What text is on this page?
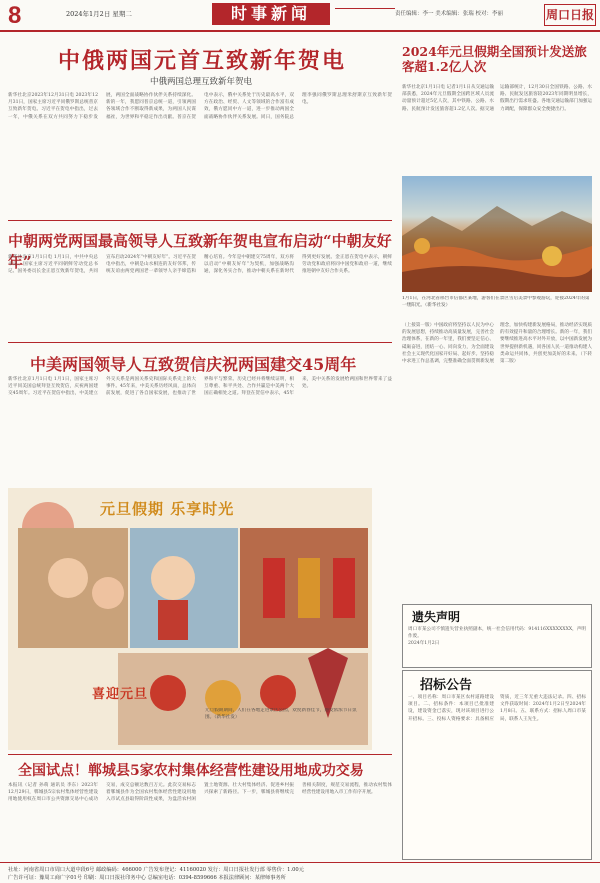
8	2024年1月2日 星期二	时事新闻	责任编辑：李一 美术编辑：张瑞 校对：李丽	周口日报
中俄两国元首互致新年贺电
中俄两国总理互致新年贺电
新华社北京2023年12月31日电 2023年12月31日，国家主席习近平同俄罗斯总统普京互致新年贺电。习近平在贺电中指出，过去一年，中俄关系在双方共同努力下稳步发展，两国全面战略协作伙伴关系持续深化。新的一年，我愿同普京总统一道，引领两国各领域合作不断取得新成果，为两国人民谋福祉，为世界和平稳定作出贡献。普京在贺电中表示，俄中关系处于历史最高水平，双方在政治、经贸、人文等领域的合作富有成效，俄方愿同中方一道，进一步推动两国全面战略协作伙伴关系发展。同日，国务院总理李强同俄罗斯总理米舒斯京互致新年贺电。
中朝两党两国最高领导人互致新年贺电宣布启动“中朝友好年”
新华社北京1月1日电 1月1日，中共中央总书记、国家主席习近平同朝鲜劳动党总书记、国务委员长金正恩互致新年贺电，共同宣布启动2024年“中朝友好年”。习近平在贺电中指出，中朝是山水相连的友好邻邦，传统友谊由两党两国老一辈领导人亲手缔造和精心培育。今年是中朝建交75周年，双方将以启动“中朝友好年”为契机，加强战略沟通，深化务实合作，推动中朝关系在新时代得到更好发展。金正恩在贺电中表示，朝鲜劳动党和政府将同中国党和政府一道，继续推进朝中友好合作关系。
中美两国领导人互致贺信庆祝两国建交45周年
新华社北京1月1日电 1月1日，国家主席习近平同美国总统拜登互致贺信，庆祝两国建交45周年。习近平在贺信中指出，中美建立外交关系是两国关系史和国际关系史上的大事件。45年来，中美关系历经风雨，总体向前发展，促进了各自国家发展，也推动了世界和平与繁荣。历史已经并将继续证明，相互尊重、和平共处、合作共赢是中美两个大国正确相处之道。拜登在贺信中表示，45年来，美中关系的发展给两国和世界带来了益处。
2024年元旦假期全国预计发送旅客超1.2亿人次
新华社北京1月1日电 记者1月1日从交通运输部获悉，2024年元旦假期全国跨区域人员流动量预计超过5亿人次，其中铁路、公路、水路、民航预计发送旅客超1.2亿人次。据交通运输部统计，12月30日全国铁路、公路、水路、民航发送旅客较2023年同期明显增长，假期出行需求旺盛。各地交通运输部门加强运力调配，保障群众安全便捷出行。
1月1日，在河北省邢台市信都区某地，游客们在景区雪后美景中参观游玩，迎接2024年的第一缕阳光。（新华社发）
（上接第一版）中国政府将坚持以人民为中心的发展思想，持续推动高质量发展，完善社会治理体系，在新的一年里，我们要坚定信心、砥砺奋进，团结一心、同向发力，为全面建设社会主义现代化国家开好局、起好步。坚持稳中求进工作总基调，完整准确全面贯彻新发展理念，加快构建新发展格局，推动经济实现质的有效提升和量的合理增长。新的一年，我们要继续推进高水平对外开放，以中国新发展为世界提供新机遇，同各国人民一道推动构建人类命运共同体，共创更加美好的未来。（下转第二版）
元旦假期 乐享时光
喜迎元旦
元旦假期期间，人们在各地走进景区公园，欢度新春佳节，感受浓浓节日氛围。（新华社发）
遗失声明
周口市某公司不慎遗失营业执照副本，统一社会信用代码：914116XXXXXXXX，声明作废。
2024年1月2日
招标公告
一、项目名称：周口市某区农村道路建设项目。二、招标条件：本项目已批准建设，建设资金已落实，现对该项目进行公开招标。三、投标人资格要求：具备相应资质，近三年无重大违法记录。四、招标文件获取时间：2024年1月2日至2024年1月8日。五、联系方式：招标人周口市某局，联系人王先生。
全国试点！郸城县5家农村集体经营性建设用地成功交易
本报讯（记者 孙萌 通讯员 李东）2023年12月29日，郸城县5宗农村集体经营性建设用地使用权在周口市公共资源交易中心成功交易，成交总额达数百万元。此次交易标志着郸城县作为全国农村集体经营性建设用地入市试点县取得阶段性成果，为盘活农村闲置土地资源、壮大村集体经济、促进乡村振兴探索了新路径。下一步，郸城县将继续完善相关制度，规范交易流程，推动农村集体经营性建设用地入市工作有序开展。
社址：河南省周口市周口大道中段6号 邮政编码：466000 广告发布登记：41160020 发行：周口日报社发行部 零售价：1.00元
广告许可证：豫周工商广字01号 印刷：周口日报社印务中心 总编室电话：0394-8599666 本报法律顾问：某律师事务所
